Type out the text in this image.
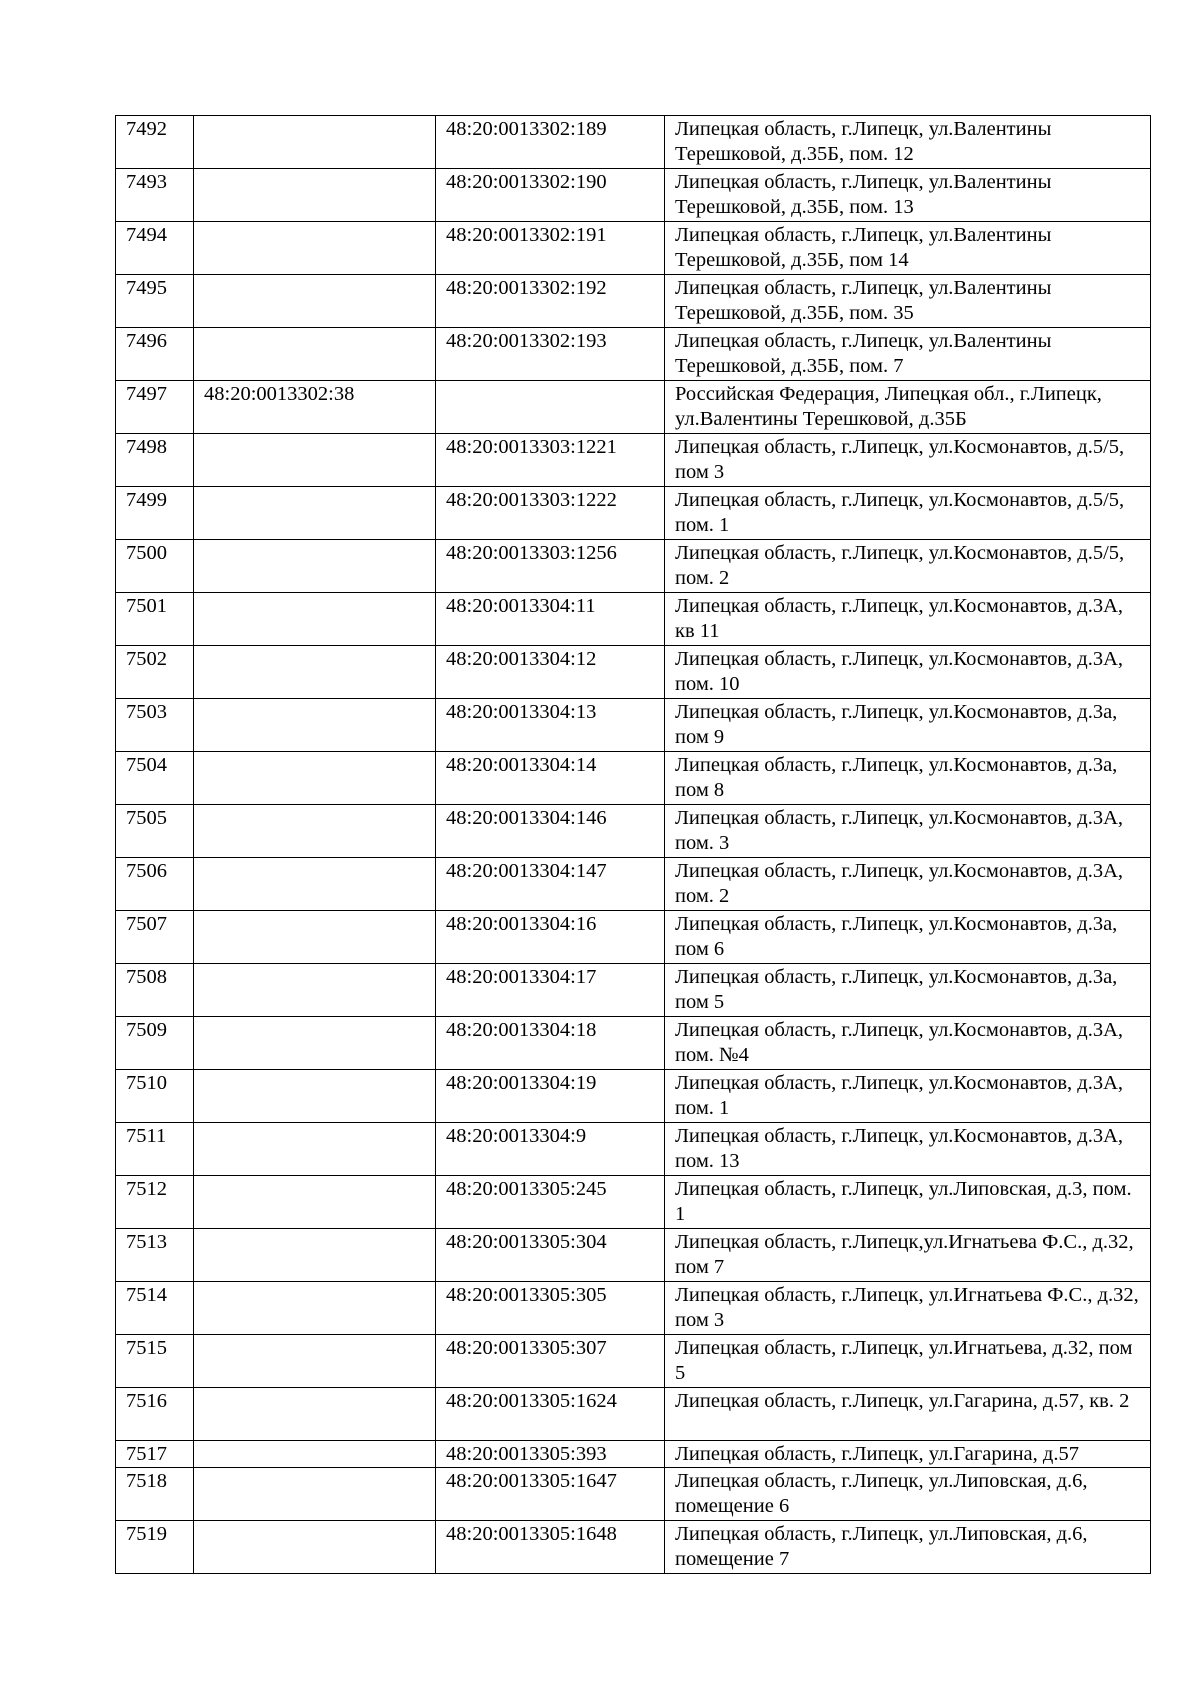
7492		48:20:0013302:189	Липецкая область, г.Липецк, ул.Валентины Терешковой, д.35Б, пом. 12
7493		48:20:0013302:190	Липецкая область, г.Липецк, ул.Валентины Терешковой, д.35Б, пом. 13
7494		48:20:0013302:191	Липецкая область, г.Липецк, ул.Валентины Терешковой, д.35Б, пом 14
7495		48:20:0013302:192	Липецкая область, г.Липецк, ул.Валентины Терешковой, д.35Б, пом. 35
7496		48:20:0013302:193	Липецкая область, г.Липецк, ул.Валентины Терешковой, д.35Б, пом. 7
7497	48:20:0013302:38		Российская Федерация, Липецкая обл., г.Липецк, ул.Валентины Терешковой, д.35Б
7498		48:20:0013303:1221	Липецкая область, г.Липецк, ул.Космонавтов, д.5/5, пом 3
7499		48:20:0013303:1222	Липецкая область, г.Липецк, ул.Космонавтов, д.5/5, пом. 1
7500		48:20:0013303:1256	Липецкая область, г.Липецк, ул.Космонавтов, д.5/5, пом. 2
7501		48:20:0013304:11	Липецкая область, г.Липецк, ул.Космонавтов, д.3А, кв 11
7502		48:20:0013304:12	Липецкая область, г.Липецк, ул.Космонавтов, д.3А, пом. 10
7503		48:20:0013304:13	Липецкая область, г.Липецк, ул.Космонавтов, д.3а, пом 9
7504		48:20:0013304:14	Липецкая область, г.Липецк, ул.Космонавтов, д.3а, пом 8
7505		48:20:0013304:146	Липецкая область, г.Липецк, ул.Космонавтов, д.3А, пом. 3
7506		48:20:0013304:147	Липецкая область, г.Липецк, ул.Космонавтов, д.3А, пом. 2
7507		48:20:0013304:16	Липецкая область, г.Липецк, ул.Космонавтов, д.3а, пом 6
7508		48:20:0013304:17	Липецкая область, г.Липецк, ул.Космонавтов, д.3а, пом 5
7509		48:20:0013304:18	Липецкая область, г.Липецк, ул.Космонавтов, д.3А, пом. №4
7510		48:20:0013304:19	Липецкая область, г.Липецк, ул.Космонавтов, д.3А, пом. 1
7511		48:20:0013304:9	Липецкая область, г.Липецк, ул.Космонавтов, д.3А, пом. 13
7512		48:20:0013305:245	Липецкая область, г.Липецк, ул.Липовская, д.3, пом. 1
7513		48:20:0013305:304	Липецкая область, г.Липецк,ул.Игнатьева Ф.С., д.32, пом 7
7514		48:20:0013305:305	Липецкая область, г.Липецк, ул.Игнатьева Ф.С., д.32, пом 3
7515		48:20:0013305:307	Липецкая область, г.Липецк, ул.Игнатьева, д.32, пом 5
7516		48:20:0013305:1624	Липецкая область, г.Липецк, ул.Гагарина, д.57, кв. 2
7517		48:20:0013305:393	Липецкая область, г.Липецк, ул.Гагарина, д.57
7518		48:20:0013305:1647	Липецкая область, г.Липецк, ул.Липовская, д.6, помещение 6
7519		48:20:0013305:1648	Липецкая область, г.Липецк, ул.Липовская, д.6, помещение 7
